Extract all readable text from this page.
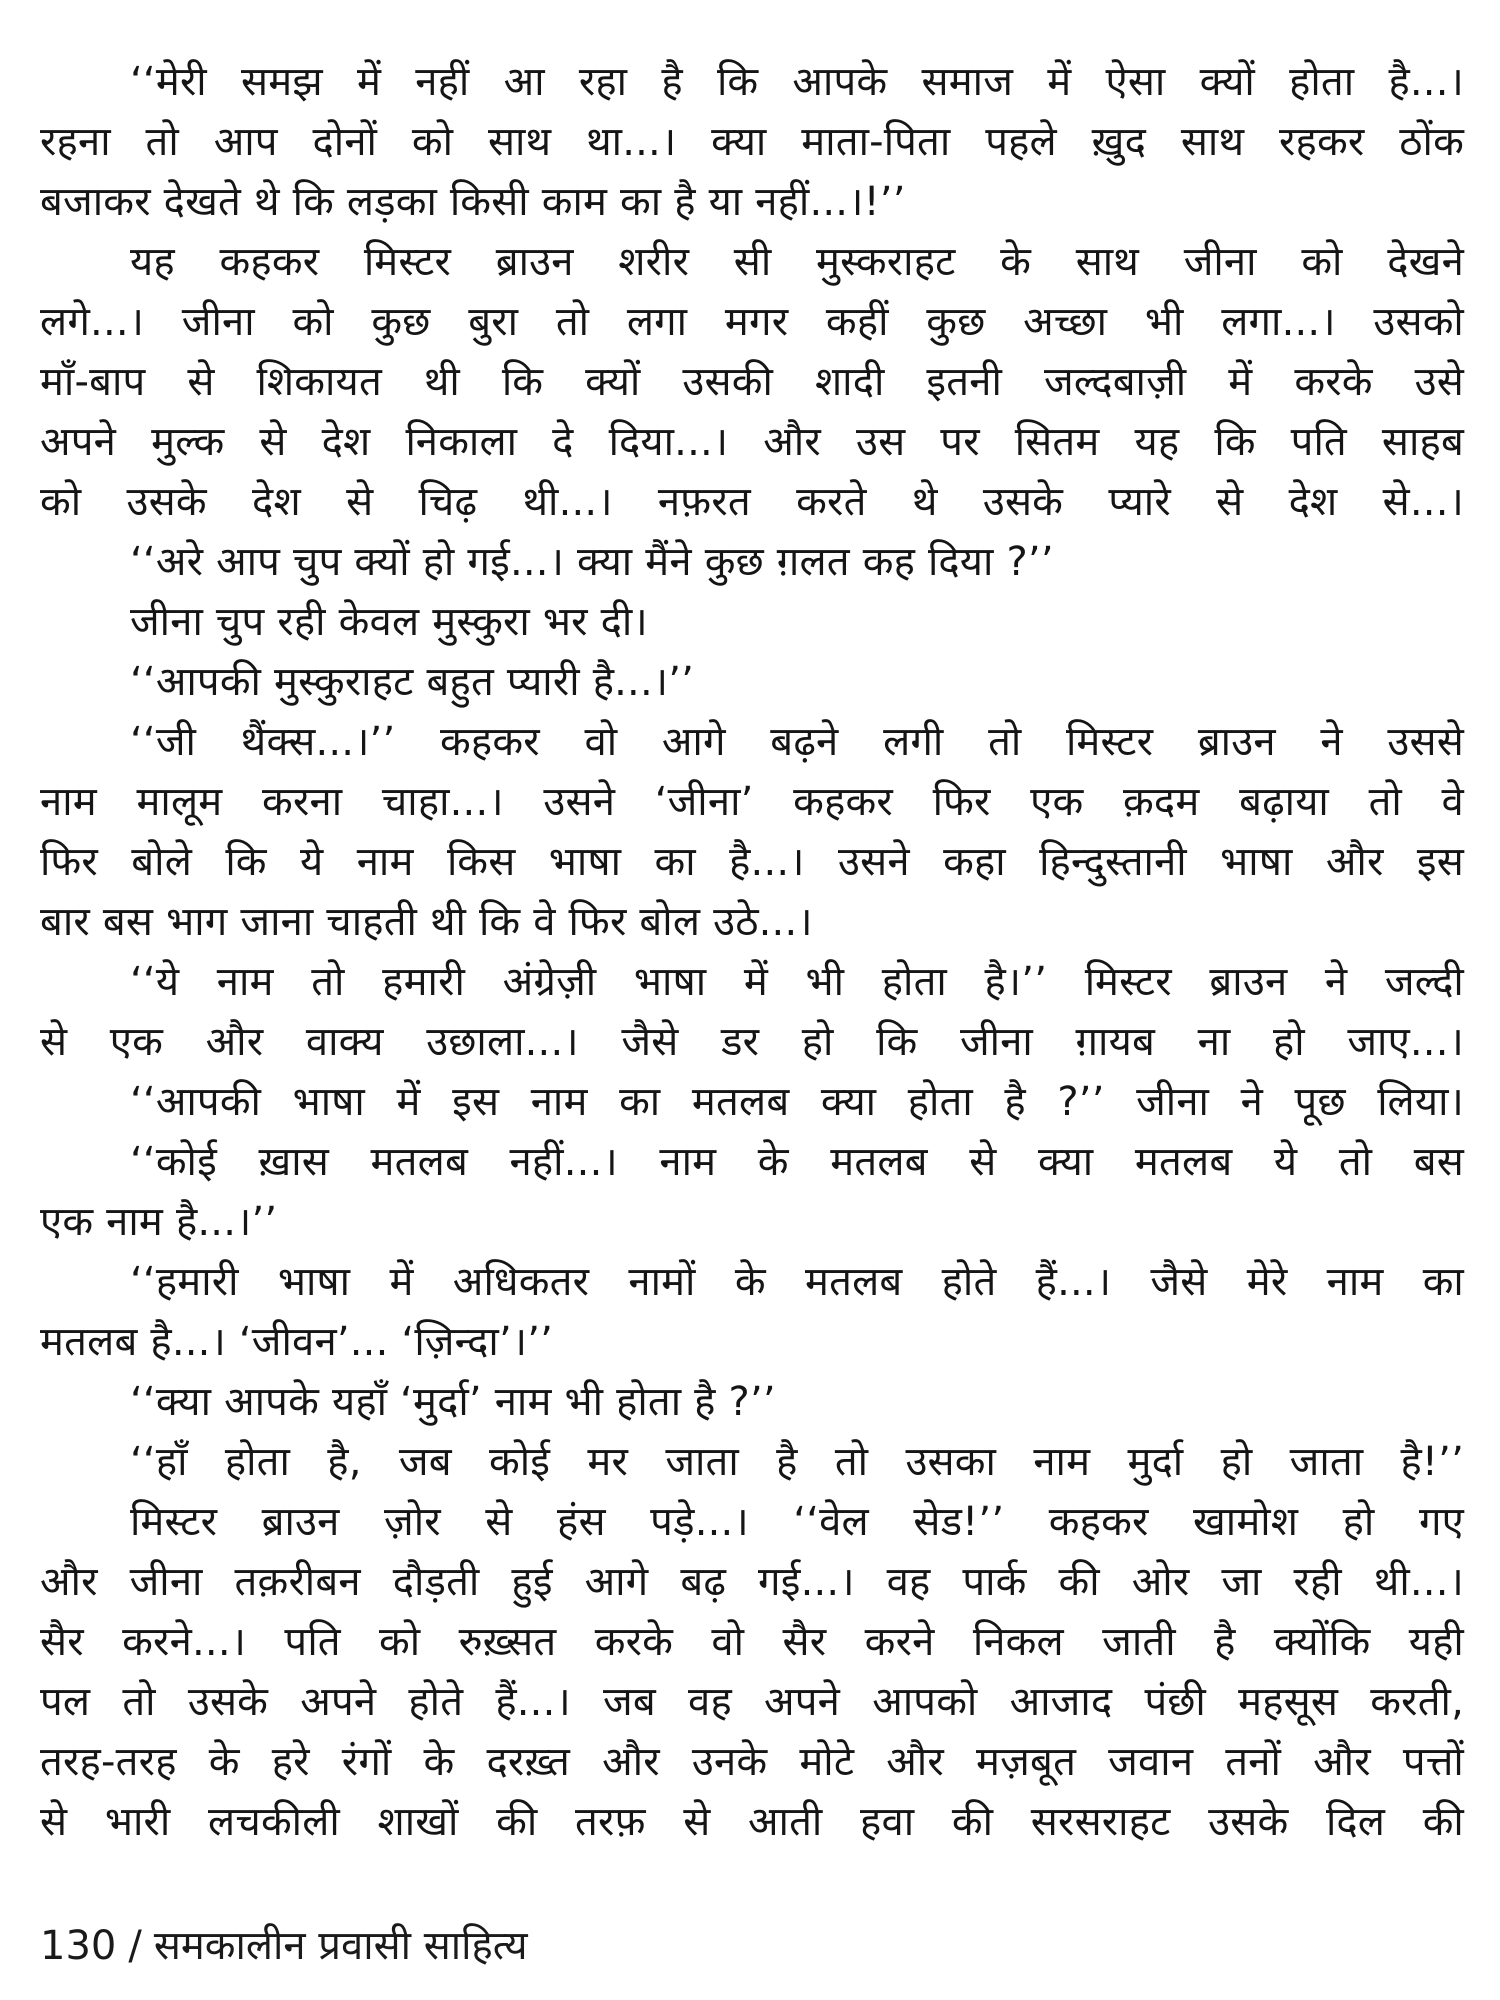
‘‘मेरी समझ में नहीं आ रहा है कि आपके समाज में ऐसा क्यों होता है...।
रहना तो आप दोनों को साथ था...। क्या माता-पिता पहले ख़ुद साथ रहकर ठोंक
बजाकर देखते थे कि लड़का किसी काम का है या नहीं...।!’’
यह कहकर मिस्टर ब्राउन शरीर सी मुस्कराहट के साथ जीना को देखने
लगे...। जीना को कुछ बुरा तो लगा मगर कहीं कुछ अच्छा भी लगा...। उसको
माँ-बाप से शिकायत थी कि क्यों उसकी शादी इतनी जल्दबाज़ी में करके उसे
अपने मुल्क से देश निकाला दे दिया...। और उस पर सितम यह कि पति साहब
को उसके देश से चिढ़ थी...। नफ़रत करते थे उसके प्यारे से देश से...।
‘‘अरे आप चुप क्यों हो गई...। क्या मैंने कुछ ग़लत कह दिया ?’’
जीना चुप रही केवल मुस्कुरा भर दी।
‘‘आपकी मुस्कुराहट बहुत प्यारी है...।’’
‘‘जी थैंक्स...।’’ कहकर वो आगे बढ़ने लगी तो मिस्टर ब्राउन ने उससे
नाम मालूम करना चाहा...। उसने ‘जीना’ कहकर फिर एक क़दम बढ़ाया तो वे
फिर बोले कि ये नाम किस भाषा का है...। उसने कहा हिन्दुस्तानी भाषा और इस
बार बस भाग जाना चाहती थी कि वे फिर बोल उठे...।
‘‘ये नाम तो हमारी अंग्रेज़ी भाषा में भी होता है।’’ मिस्टर ब्राउन ने जल्दी
से एक और वाक्य उछाला...। जैसे डर हो कि जीना ग़ायब ना हो जाए...।
‘‘आपकी भाषा में इस नाम का मतलब क्या होता है ?’’ जीना ने पूछ लिया।
‘‘कोई ख़ास मतलब नहीं...। नाम के मतलब से क्या मतलब ये तो बस
एक नाम है...।’’
‘‘हमारी भाषा में अधिकतर नामों के मतलब होते हैं...। जैसे मेरे नाम का
मतलब है...। ‘जीवन’... ‘ज़िन्दा’।’’
‘‘क्या आपके यहाँ ‘मुर्दा’ नाम भी होता है ?’’
‘‘हाँ होता है, जब कोई मर जाता है तो उसका नाम मुर्दा हो जाता है!’’
मिस्टर ब्राउन ज़ोर से हंस पड़े...। ‘‘वेल सेड!’’ कहकर खामोश हो गए
और जीना तक़रीबन दौड़ती हुई आगे बढ़ गई...। वह पार्क की ओर जा रही थी...।
सैर करने...। पति को रुख़्सत करके वो सैर करने निकल जाती है क्योंकि यही
पल तो उसके अपने होते हैं...। जब वह अपने आपको आजाद पंछी महसूस करती,
तरह-तरह के हरे रंगों के दरख़्त और उनके मोटे और मज़बूत जवान तनों और पत्तों
से भारी लचकीली शाखों की तरफ़ से आती हवा की सरसराहट उसके दिल की
130 / समकालीन प्रवासी साहित्य
